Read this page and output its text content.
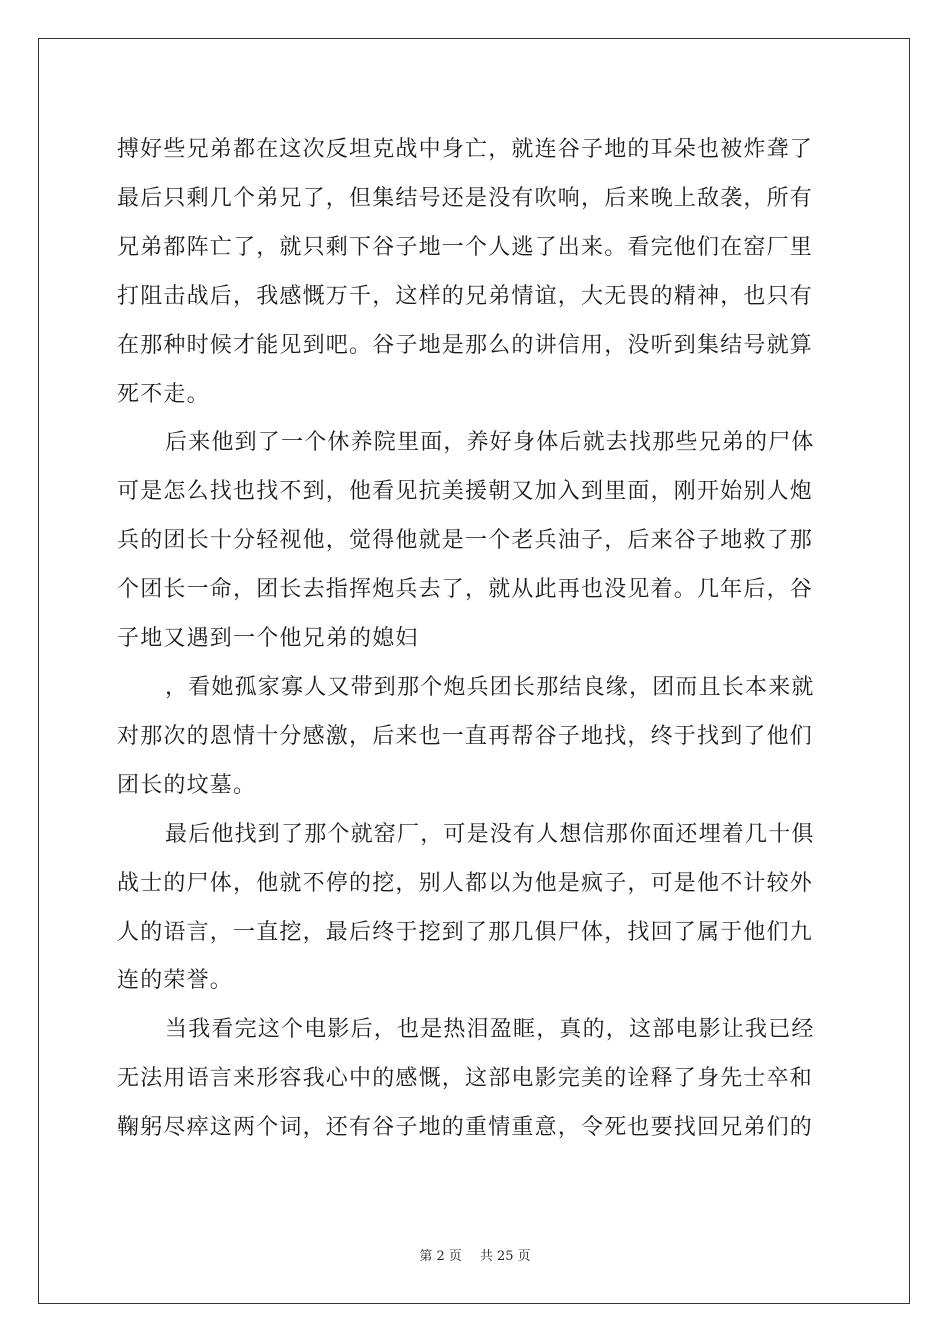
搏好些兄弟都在这次反坦克战中身亡，就连谷子地的耳朵也被炸聋了
最后只剩几个弟兄了，但集结号还是没有吹响，后来晚上敌袭，所有
兄弟都阵亡了，就只剩下谷子地一个人逃了出来。看完他们在窑厂里
打阻击战后，我感慨万千，这样的兄弟情谊，大无畏的精神，也只有
在那种时候才能见到吧。谷子地是那么的讲信用，没听到集结号就算
死不走。

后来他到了一个休养院里面，养好身体后就去找那些兄弟的尸体
可是怎么找也找不到，他看见抗美援朝又加入到里面，刚开始别人炮
兵的团长十分轻视他，觉得他就是一个老兵油子，后来谷子地救了那
个团长一命，团长去指挥炮兵去了，就从此再也没见着。几年后，谷
子地又遇到一个他兄弟的媳妇

，看她孤家寡人又带到那个炮兵团长那结良缘，团而且长本来就
对那次的恩情十分感激，后来也一直再帮谷子地找，终于找到了他们
团长的坟墓。

最后他找到了那个就窑厂，可是没有人想信那你面还埋着几十俱
战士的尸体，他就不停的挖，别人都以为他是疯子，可是他不计较外
人的语言，一直挖，最后终于挖到了那几俱尸体，找回了属于他们九
连的荣誉。

当我看完这个电影后，也是热泪盈眶，真的，这部电影让我已经
无法用语言来形容我心中的感慨，这部电影完美的诠释了身先士卒和
鞠躬尽瘁这两个词，还有谷子地的重情重意，令死也要找回兄弟们的

第 2 页 共 25 页
